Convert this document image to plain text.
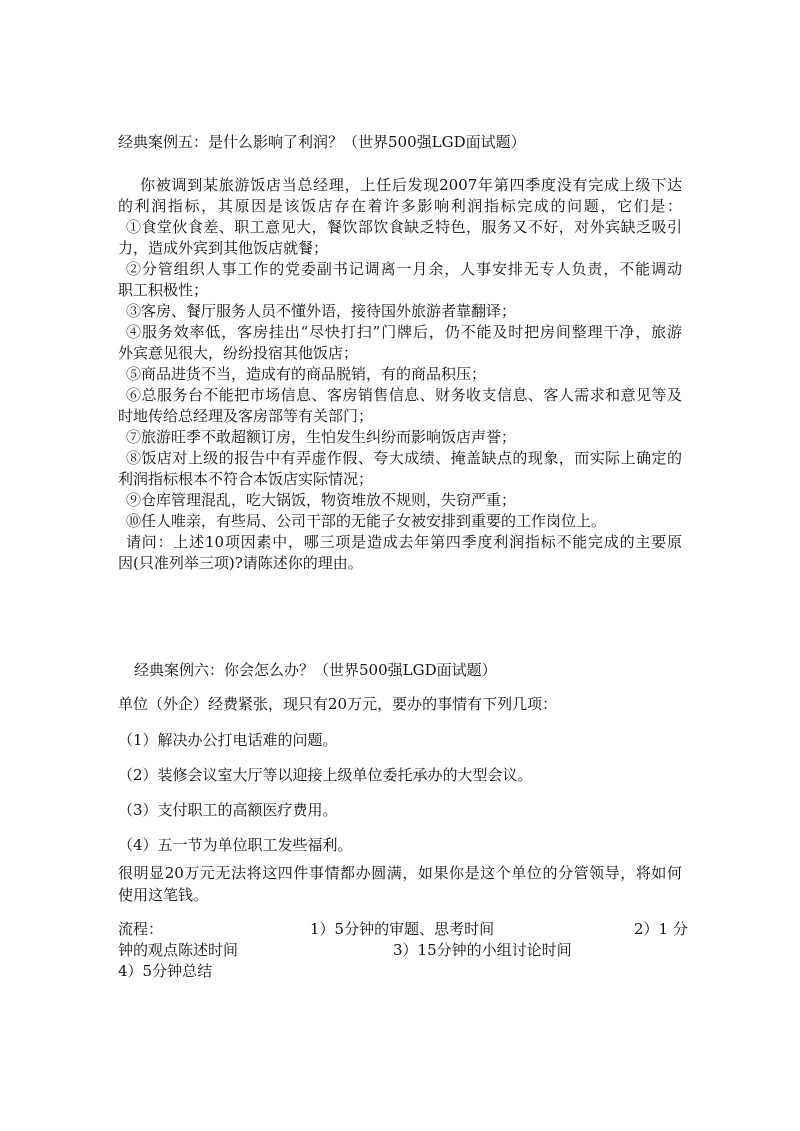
经典案例五：是什么影响了利润？（世界500强LGD面试题）
你被调到某旅游饭店当总经理，上任后发现2007年第四季度没有完成上级下达
的利润指标，其原因是该饭店存在着许多影响利润指标完成的问题，它们是：
①食堂伙食差、职工意见大，餐饮部饮食缺乏特色，服务又不好，对外宾缺乏吸引
力，造成外宾到其他饭店就餐；
②分管组织人事工作的党委副书记调离一月余，人事安排无专人负责，不能调动
职工积极性；
③客房、餐厅服务人员不懂外语，接待国外旅游者靠翻译；
④服务效率低，客房挂出“尽快打扫”门牌后，仍不能及时把房间整理干净，旅游
外宾意见很大，纷纷投宿其他饭店；
⑤商品进货不当，造成有的商品脱销，有的商品积压；
⑥总服务台不能把市场信息、客房销售信息、财务收支信息、客人需求和意见等及
时地传给总经理及客房部等有关部门；
⑦旅游旺季不敢超额订房，生怕发生纠纷而影响饭店声誉；
⑧饭店对上级的报告中有弄虚作假、夸大成绩、掩盖缺点的现象，而实际上确定的
利润指标根本不符合本饭店实际情况；
⑨仓库管理混乱，吃大锅饭，物资堆放不规则，失窃严重；
⑩任人唯亲，有些局、公司干部的无能子女被安排到重要的工作岗位上。
请问：上述10项因素中，哪三项是造成去年第四季度利润指标不能完成的主要原
因(只准列举三项)?请陈述你的理由。
经典案例六：你会怎么办？（世界500强LGD面试题）
单位（外企）经费紧张，现只有20万元，要办的事情有下列几项：
（1）解决办公打电话难的问题。
（2）装修会议室大厅等以迎接上级单位委托承办的大型会议。
（3）支付职工的高额医疗费用。
（4）五一节为单位职工发些福利。
很明显20万元无法将这四件事情都办圆满，如果你是这个单位的分管领导，将如何
使用这笔钱。
流程：	1）5分钟的审题、思考时间	2）1 分
钟的观点陈述时间	3）15分钟的小组讨论时间
4）5分钟总结
